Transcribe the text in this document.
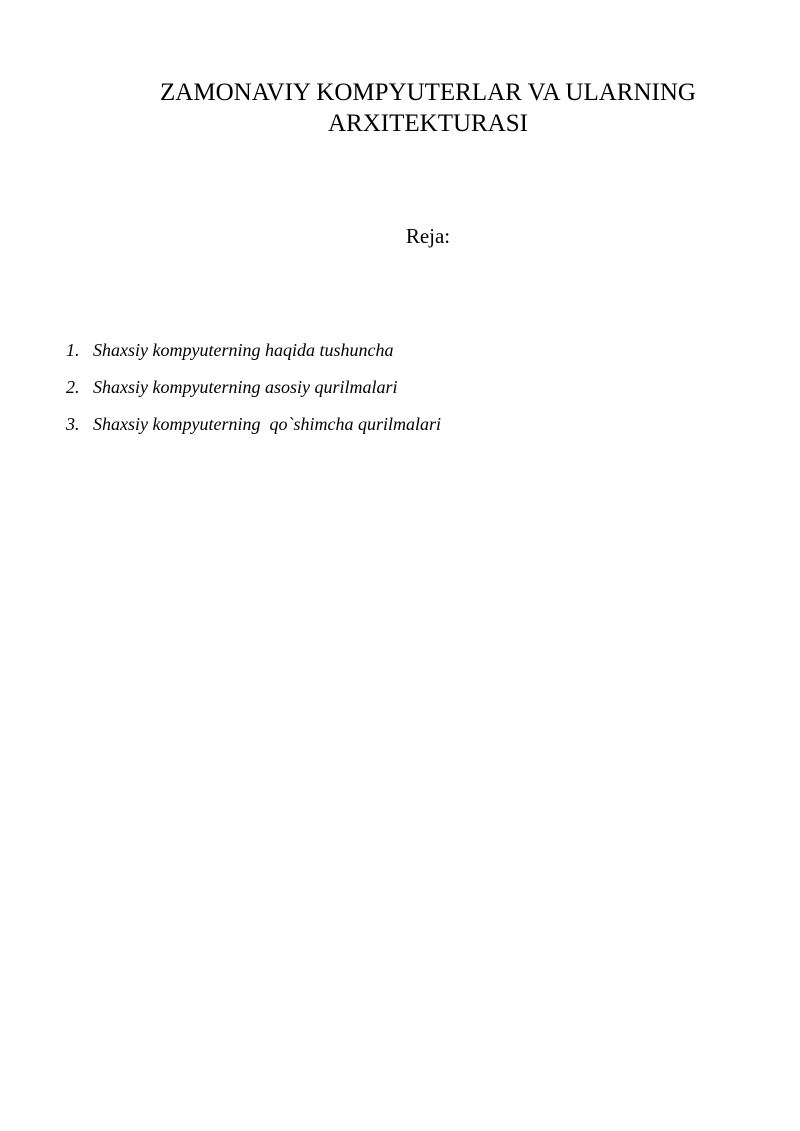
ZAMONAVIY KOMPYUTERLAR VA ULARNING
ARXITEKTURASI

Reja:

1. Shaxsiy kompyuterning haqida tushuncha
2. Shaxsiy kompyuterning asosiy qurilmalari
3. Shaxsiy kompyuterning  qo`shimcha qurilmalari
